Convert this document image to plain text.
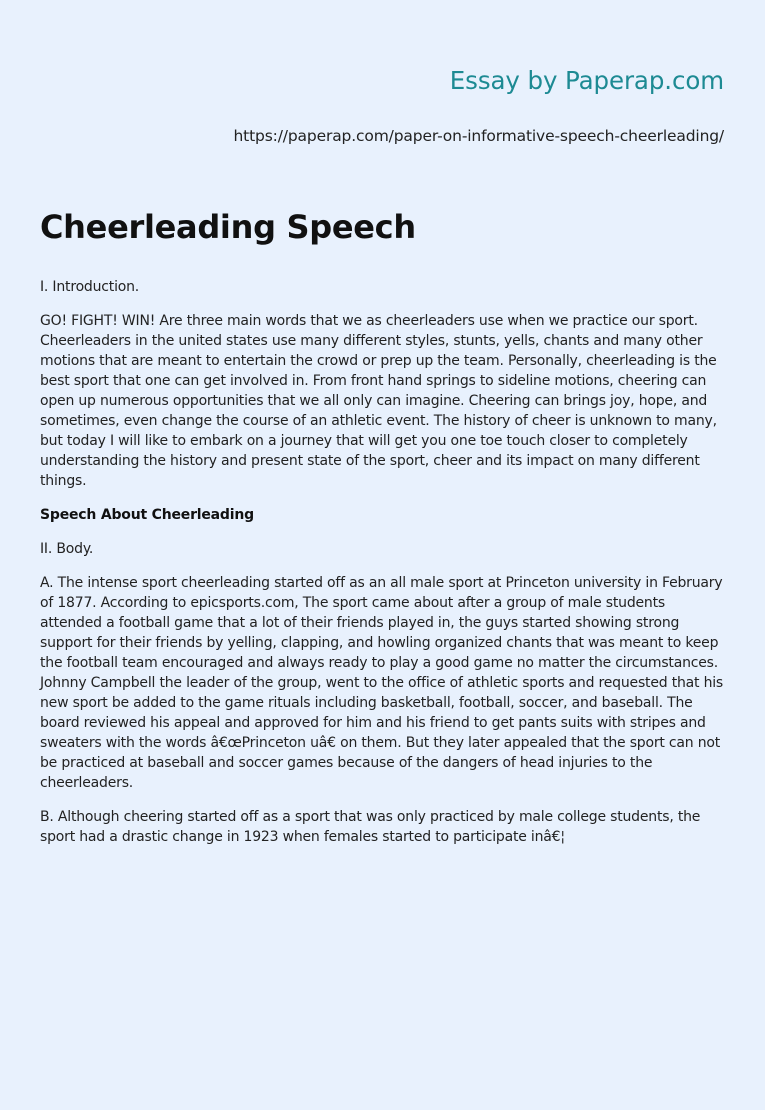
Essay by Paperap.com
https://paperap.com/paper-on-informative-speech-cheerleading/
Cheerleading Speech

I. Introduction.

GO! FIGHT! WIN! Are three main words that we as cheerleaders use when we practice our sport. Cheerleaders in the united states use many different styles, stunts, yells, chants and many other motions that are meant to entertain the crowd or prep up the team. Personally, cheerleading is the best sport that one can get involved in. From front hand springs to sideline motions, cheering can open up numerous opportunities that we all only can imagine. Cheering can brings joy, hope, and sometimes, even change the course of an athletic event. The history of cheer is unknown to many, but today I will like to embark on a journey that will get you one toe touch closer to completely understanding the history and present state of the sport, cheer and its impact on many different things.

Speech About Cheerleading

II. Body.

A. The intense sport cheerleading started off as an all male sport at Princeton university in February of 1877. According to epicsports.com, The sport came about after a group of male students attended a football game that a lot of their friends played in, the guys started showing strong support for their friends by yelling, clapping, and howling organized chants that was meant to keep the football team encouraged and always ready to play a good game no matter the circumstances. Johnny Campbell the leader of the group, went to the office of athletic sports and requested that his new sport be added to the game rituals including basketball, football, soccer, and baseball. The board reviewed his appeal and approved for him and his friend to get pants suits with stripes and sweaters with the words â€œPrinceton uâ€ on them. But they later appealed that the sport can not be practiced at baseball and soccer games because of the dangers of head injuries to the cheerleaders.

B. Although cheering started off as a sport that was only practiced by male college students, the sport had a drastic change in 1923 when females started to participate inâ€¦
